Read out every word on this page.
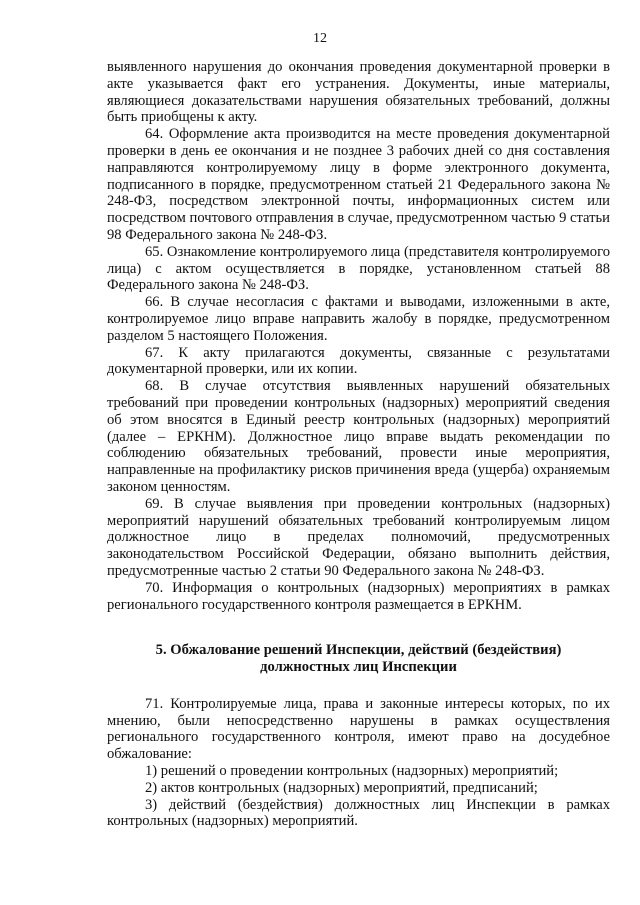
12

выявленного нарушения до окончания проведения документарной проверки в акте указывается факт его устранения. Документы, иные материалы, являющиеся доказательствами нарушения обязательных требований, должны быть приобщены к акту.

64. Оформление акта производится на месте проведения документарной проверки в день ее окончания и не позднее 3 рабочих дней со дня составления направляются контролируемому лицу в форме электронного документа, подписанного в порядке, предусмотренном статьей 21 Федерального закона № 248-ФЗ, посредством электронной почты, информационных систем или посредством почтового отправления в случае, предусмотренном частью 9 статьи 98 Федерального закона № 248-ФЗ.

65. Ознакомление контролируемого лица (представителя контролируемого лица) с актом осуществляется в порядке, установленном статьей 88 Федерального закона № 248-ФЗ.

66. В случае несогласия с фактами и выводами, изложенными в акте, контролируемое лицо вправе направить жалобу в порядке, предусмотренном разделом 5 настоящего Положения.

67. К акту прилагаются документы, связанные с результатами документарной проверки, или их копии.

68. В случае отсутствия выявленных нарушений обязательных требований при проведении контрольных (надзорных) мероприятий сведения об этом вносятся в Единый реестр контрольных (надзорных) мероприятий (далее – ЕРКНМ). Должностное лицо вправе выдать рекомендации по соблюдению обязательных требований, провести иные мероприятия, направленные на профилактику рисков причинения вреда (ущерба) охраняемым законом ценностям.

69. В случае выявления при проведении контрольных (надзорных) мероприятий нарушений обязательных требований контролируемым лицом должностное лицо в пределах полномочий, предусмотренных законодательством Российской Федерации, обязано выполнить действия, предусмотренные частью 2 статьи 90 Федерального закона № 248-ФЗ.

70. Информация о контрольных (надзорных) мероприятиях в рамках регионального государственного контроля размещается в ЕРКНМ.

5. Обжалование решений Инспекции, действий (бездействия)
должностных лиц Инспекции

71. Контролируемые лица, права и законные интересы которых, по их мнению, были непосредственно нарушены в рамках осуществления регионального государственного контроля, имеют право на досудебное обжалование:

1) решений о проведении контрольных (надзорных) мероприятий;

2) актов контрольных (надзорных) мероприятий, предписаний;

3) действий (бездействия) должностных лиц Инспекции в рамках контрольных (надзорных) мероприятий.
